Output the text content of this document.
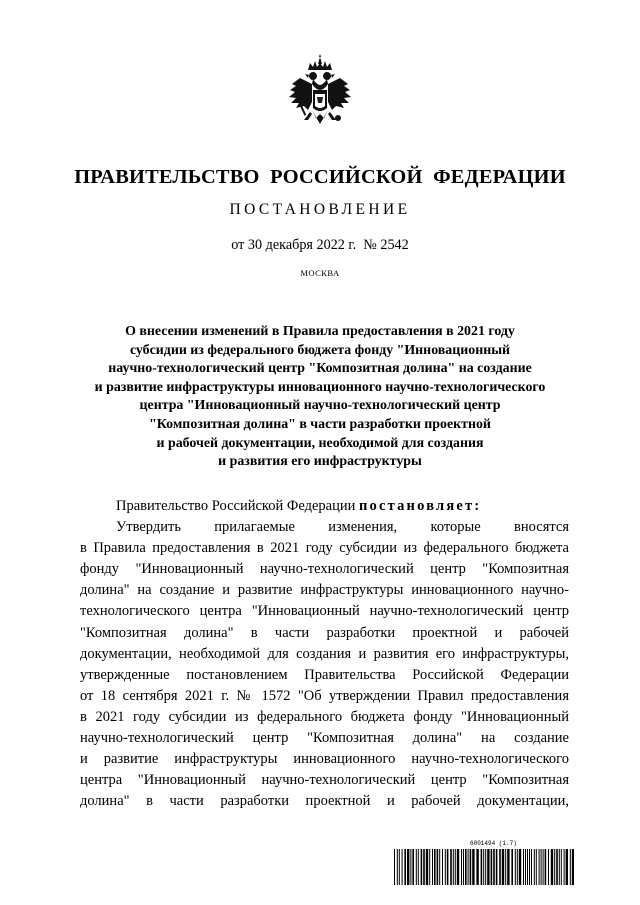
ПРАВИТЕЛЬСТВО  РОССИЙСКОЙ  ФЕДЕРАЦИИ
ПОСТАНОВЛЕНИЕ
от 30 декабря 2022 г.  № 2542
МОСКВА
О внесении изменений в Правила предоставления в 2021 году
субсидии из федерального бюджета фонду "Инновационный
научно-технологический центр "Композитная долина" на создание
и развитие инфраструктуры инновационного научно-технологического
центра "Инновационный научно-технологический центр
"Композитная долина" в части разработки проектной
и рабочей документации, необходимой для создания
и развития его инфраструктуры
Правительство Российской Федерации постановляет:
Утвердить прилагаемые изменения, которые вносятся
в Правила предоставления в 2021 году субсидии из федерального бюджета
фонду "Инновационный научно-технологический центр "Композитная
долина" на создание и развитие инфраструктуры инновационного научно-
технологического центра "Инновационный научно-технологический центр
"Композитная долина" в части разработки проектной и рабочей
документации, необходимой для создания и развития его инфраструктуры,
утвержденные постановлением Правительства Российской Федерации
от 18 сентября 2021 г. № 1572 "Об утверждении Правил предоставления
в 2021 году субсидии из федерального бюджета фонду "Инновационный
научно-технологический центр "Композитная долина" на создание
и развитие инфраструктуры инновационного научно-технологического
центра "Инновационный научно-технологический центр "Композитная
долина" в части разработки проектной и рабочей документации,
6001494 (1.7)
